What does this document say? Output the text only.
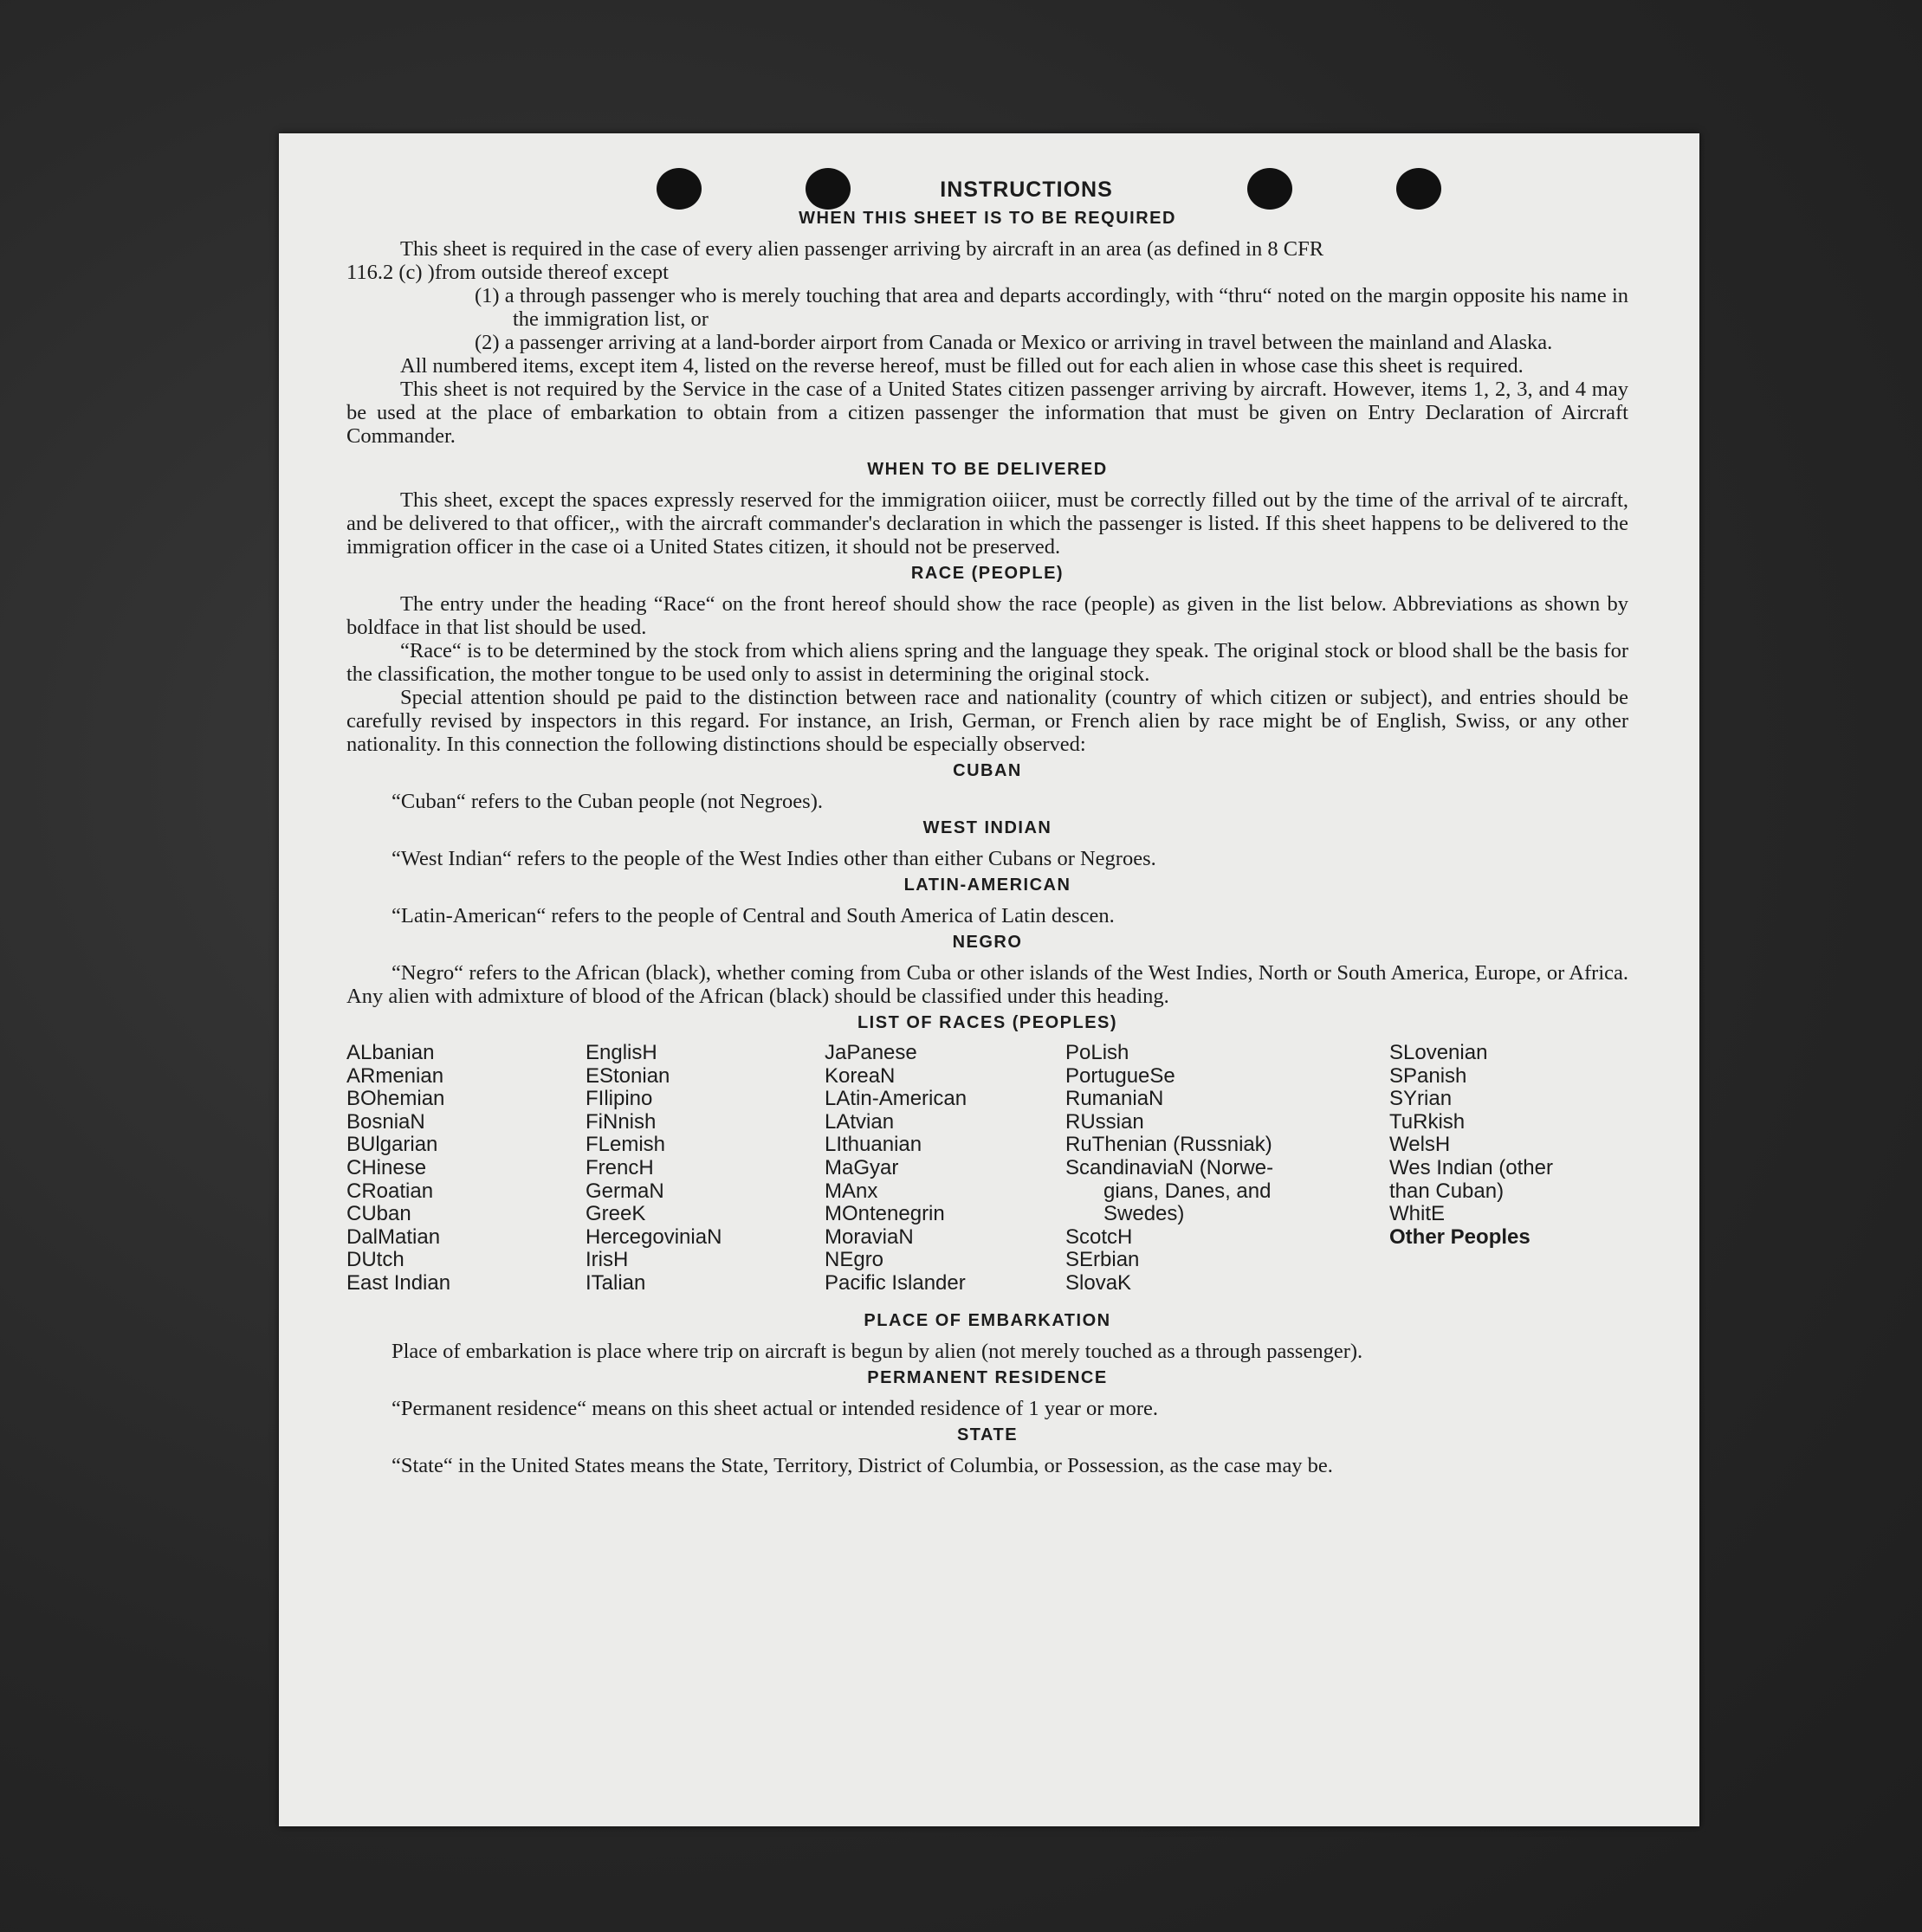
INSTRUCTIONS
WHEN THIS SHEET IS TO BE REQUIRED

This sheet is required in the case of every alien passenger arriving by aircraft in an area (as defined in 8 CFR

116.2 (c) )from outside thereof except

(1) a through passenger who is merely touching that area and departs accordingly, with “thru“ noted on the margin opposite his name in the immigration list, or
(2) a passenger arriving at a land-border airport from Canada or Mexico or arriving in travel between the mainland and Alaska.

All numbered items, except item 4, listed on the reverse hereof, must be filled out for each alien in whose case this sheet is required.

This sheet is not required by the Service in the case of a United States citizen passenger arriving by aircraft. However, items 1, 2, 3, and 4 may be used at the place of embarkation to obtain from a citizen passenger the information that must be given on Entry Declaration of Aircraft Commander.

WHEN TO BE DELIVERED

This sheet, except the spaces expressly reserved for the immigration oiiicer, must be correctly filled out by the time of the arrival of te aircraft, and be delivered to that officer,, with the aircraft commander's declaration in which the passenger is listed. If this sheet happens to be delivered to the immigration officer in the case oi a United States citizen, it should not be preserved.

RACE (PEOPLE)

The entry under the heading “Race“ on the front hereof should show the race (people) as given in the list below. Abbreviations as shown by boldface in that list should be used.

“Race“ is to be determined by the stock from which aliens spring and the language they speak. The original stock or blood shall be the basis for the classification, the mother tongue to be used only to assist in determining the original stock.

Special attention should pe paid to the distinction between race and nationality (country of which citizen or subject), and entries should be carefully revised by inspectors in this regard. For instance, an Irish, German, or French alien by race might be of English, Swiss, or any other nationality. In this connection the following distinctions should be especially observed:

CUBAN

“Cuban“ refers to the Cuban people (not Negroes).

WEST INDIAN

“West Indian“ refers to the people of the West Indies other than either Cubans or Negroes.

LATIN-AMERICAN

“Latin-American“ refers to the people of Central and South America of Latin descen.

NEGRO

“Negro“ refers to the African (black), whether coming from Cuba or other islands of the West Indies, North or South America, Europe, or Africa. Any alien with admixture of blood of the African (black) should be classified under this heading.

LIST OF RACES (PEOPLES)
ALbanian
ARmenian
BOhemian
BosniaN
BUlgarian
CHinese
CRoatian
CUban
DalMatian
DUtch
East Indian
EnglisH
EStonian
FIlipino
FiNnish
FLemish
FrencH
GermaN
GreeK
HercegoviniaN
IrisH
ITalian
JaPanese
KoreaN
LAtin-American
LAtvian
LIthuanian
MaGyar
MAnx
MOntenegrin
MoraviaN
NEgro
Pacific Islander
PoLish
PortugueSe
RumaniaN
RUssian
RuThenian (Russniak)
ScandinaviaN (Norwe-
gians, Danes, and
Swedes)
ScotcH
SErbian
SlovaK
SLovenian
SPanish
SYrian
TuRkish
WelsH
Wes Indian (other
than Cuban)
WhitE
Other Peoples
PLACE OF EMBARKATION

Place of embarkation is place where trip on aircraft is begun by alien (not merely touched as a through passenger).

PERMANENT RESIDENCE

“Permanent residence“ means on this sheet actual or intended residence of 1 year or more.

STATE

“State“ in the United States means the State, Territory, District of Columbia, or Possession, as the case may be.
